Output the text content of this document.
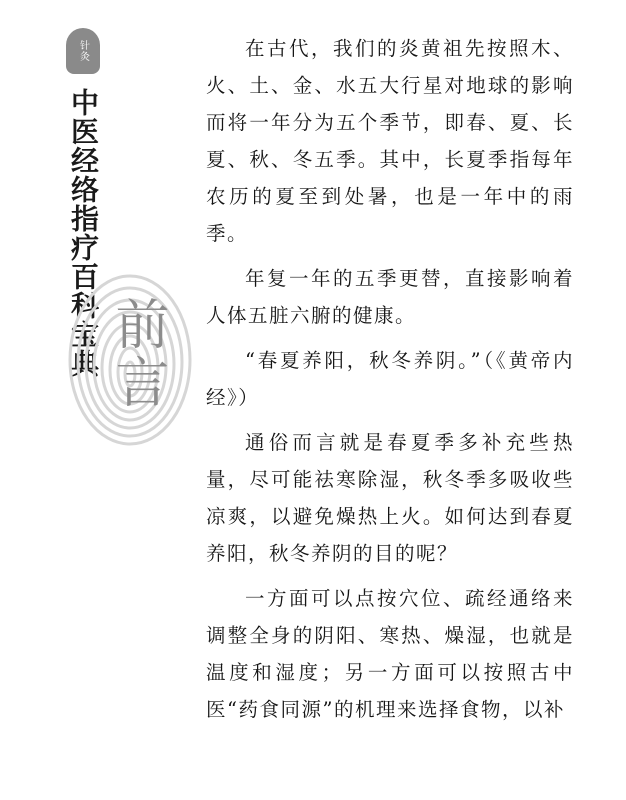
针灸
中医经络指疗百科宝典 前言

在古代，我们的炎黄祖先按照木、火、土、金、水五大行星对地球的影响而将一年分为五个季节，即春、夏、长夏、秋、冬五季。其中，长夏季指每年农历的夏至到处暑，也是一年中的雨季。

年复一年的五季更替，直接影响着人体五脏六腑的健康。

“春夏养阳，秋冬养阴。”（《黄帝内经》）

通俗而言就是春夏季多补充些热量，尽可能祛寒除湿，秋冬季多吸收些凉爽，以避免燥热上火。如何达到春夏养阳，秋冬养阴的目的呢？

一方面可以点按穴位、疏经通络来调整全身的阴阳、寒热、燥湿，也就是温度和湿度；另一方面可以按照古中医“药食同源”的机理来选择食物，以补
